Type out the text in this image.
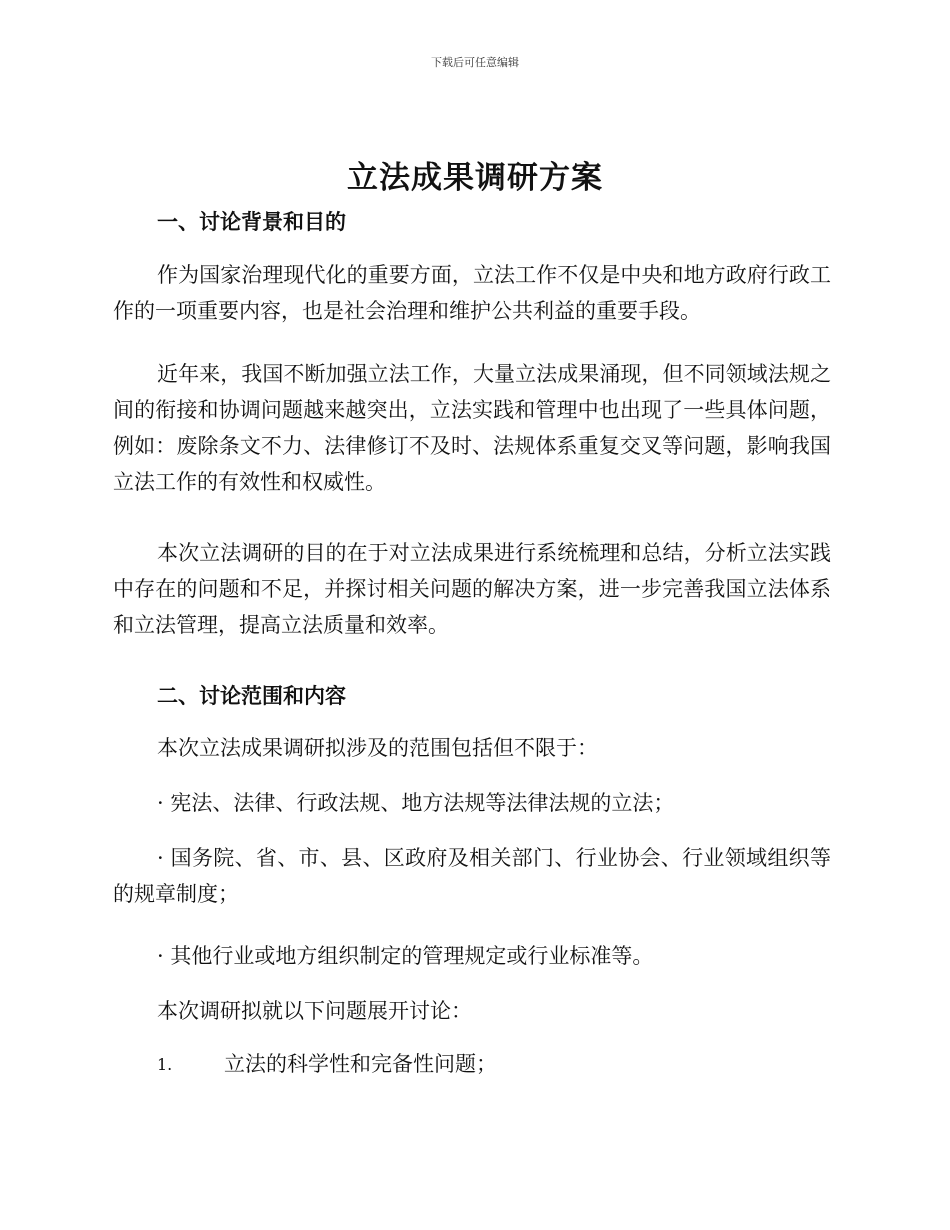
下载后可任意编辑
立法成果调研方案
一、讨论背景和目的
作为国家治理现代化的重要方面，立法工作不仅是中央和地方政府行政工作的一项重要内容，也是社会治理和维护公共利益的重要手段。
近年来，我国不断加强立法工作，大量立法成果涌现，但不同领域法规之间的衔接和协调问题越来越突出，立法实践和管理中也出现了一些具体问题，例如：废除条文不力、法律修订不及时、法规体系重复交叉等问题，影响我国立法工作的有效性和权威性。
本次立法调研的目的在于对立法成果进行系统梳理和总结，分析立法实践中存在的问题和不足，并探讨相关问题的解决方案，进一步完善我国立法体系和立法管理，提高立法质量和效率。
二、讨论范围和内容
本次立法成果调研拟涉及的范围包括但不限于：
· 宪法、法律、行政法规、地方法规等法律法规的立法；
· 国务院、省、市、县、区政府及相关部门、行业协会、行业领域组织等的规章制度；
· 其他行业或地方组织制定的管理规定或行业标准等。
本次调研拟就以下问题展开讨论：
1. 立法的科学性和完备性问题；
